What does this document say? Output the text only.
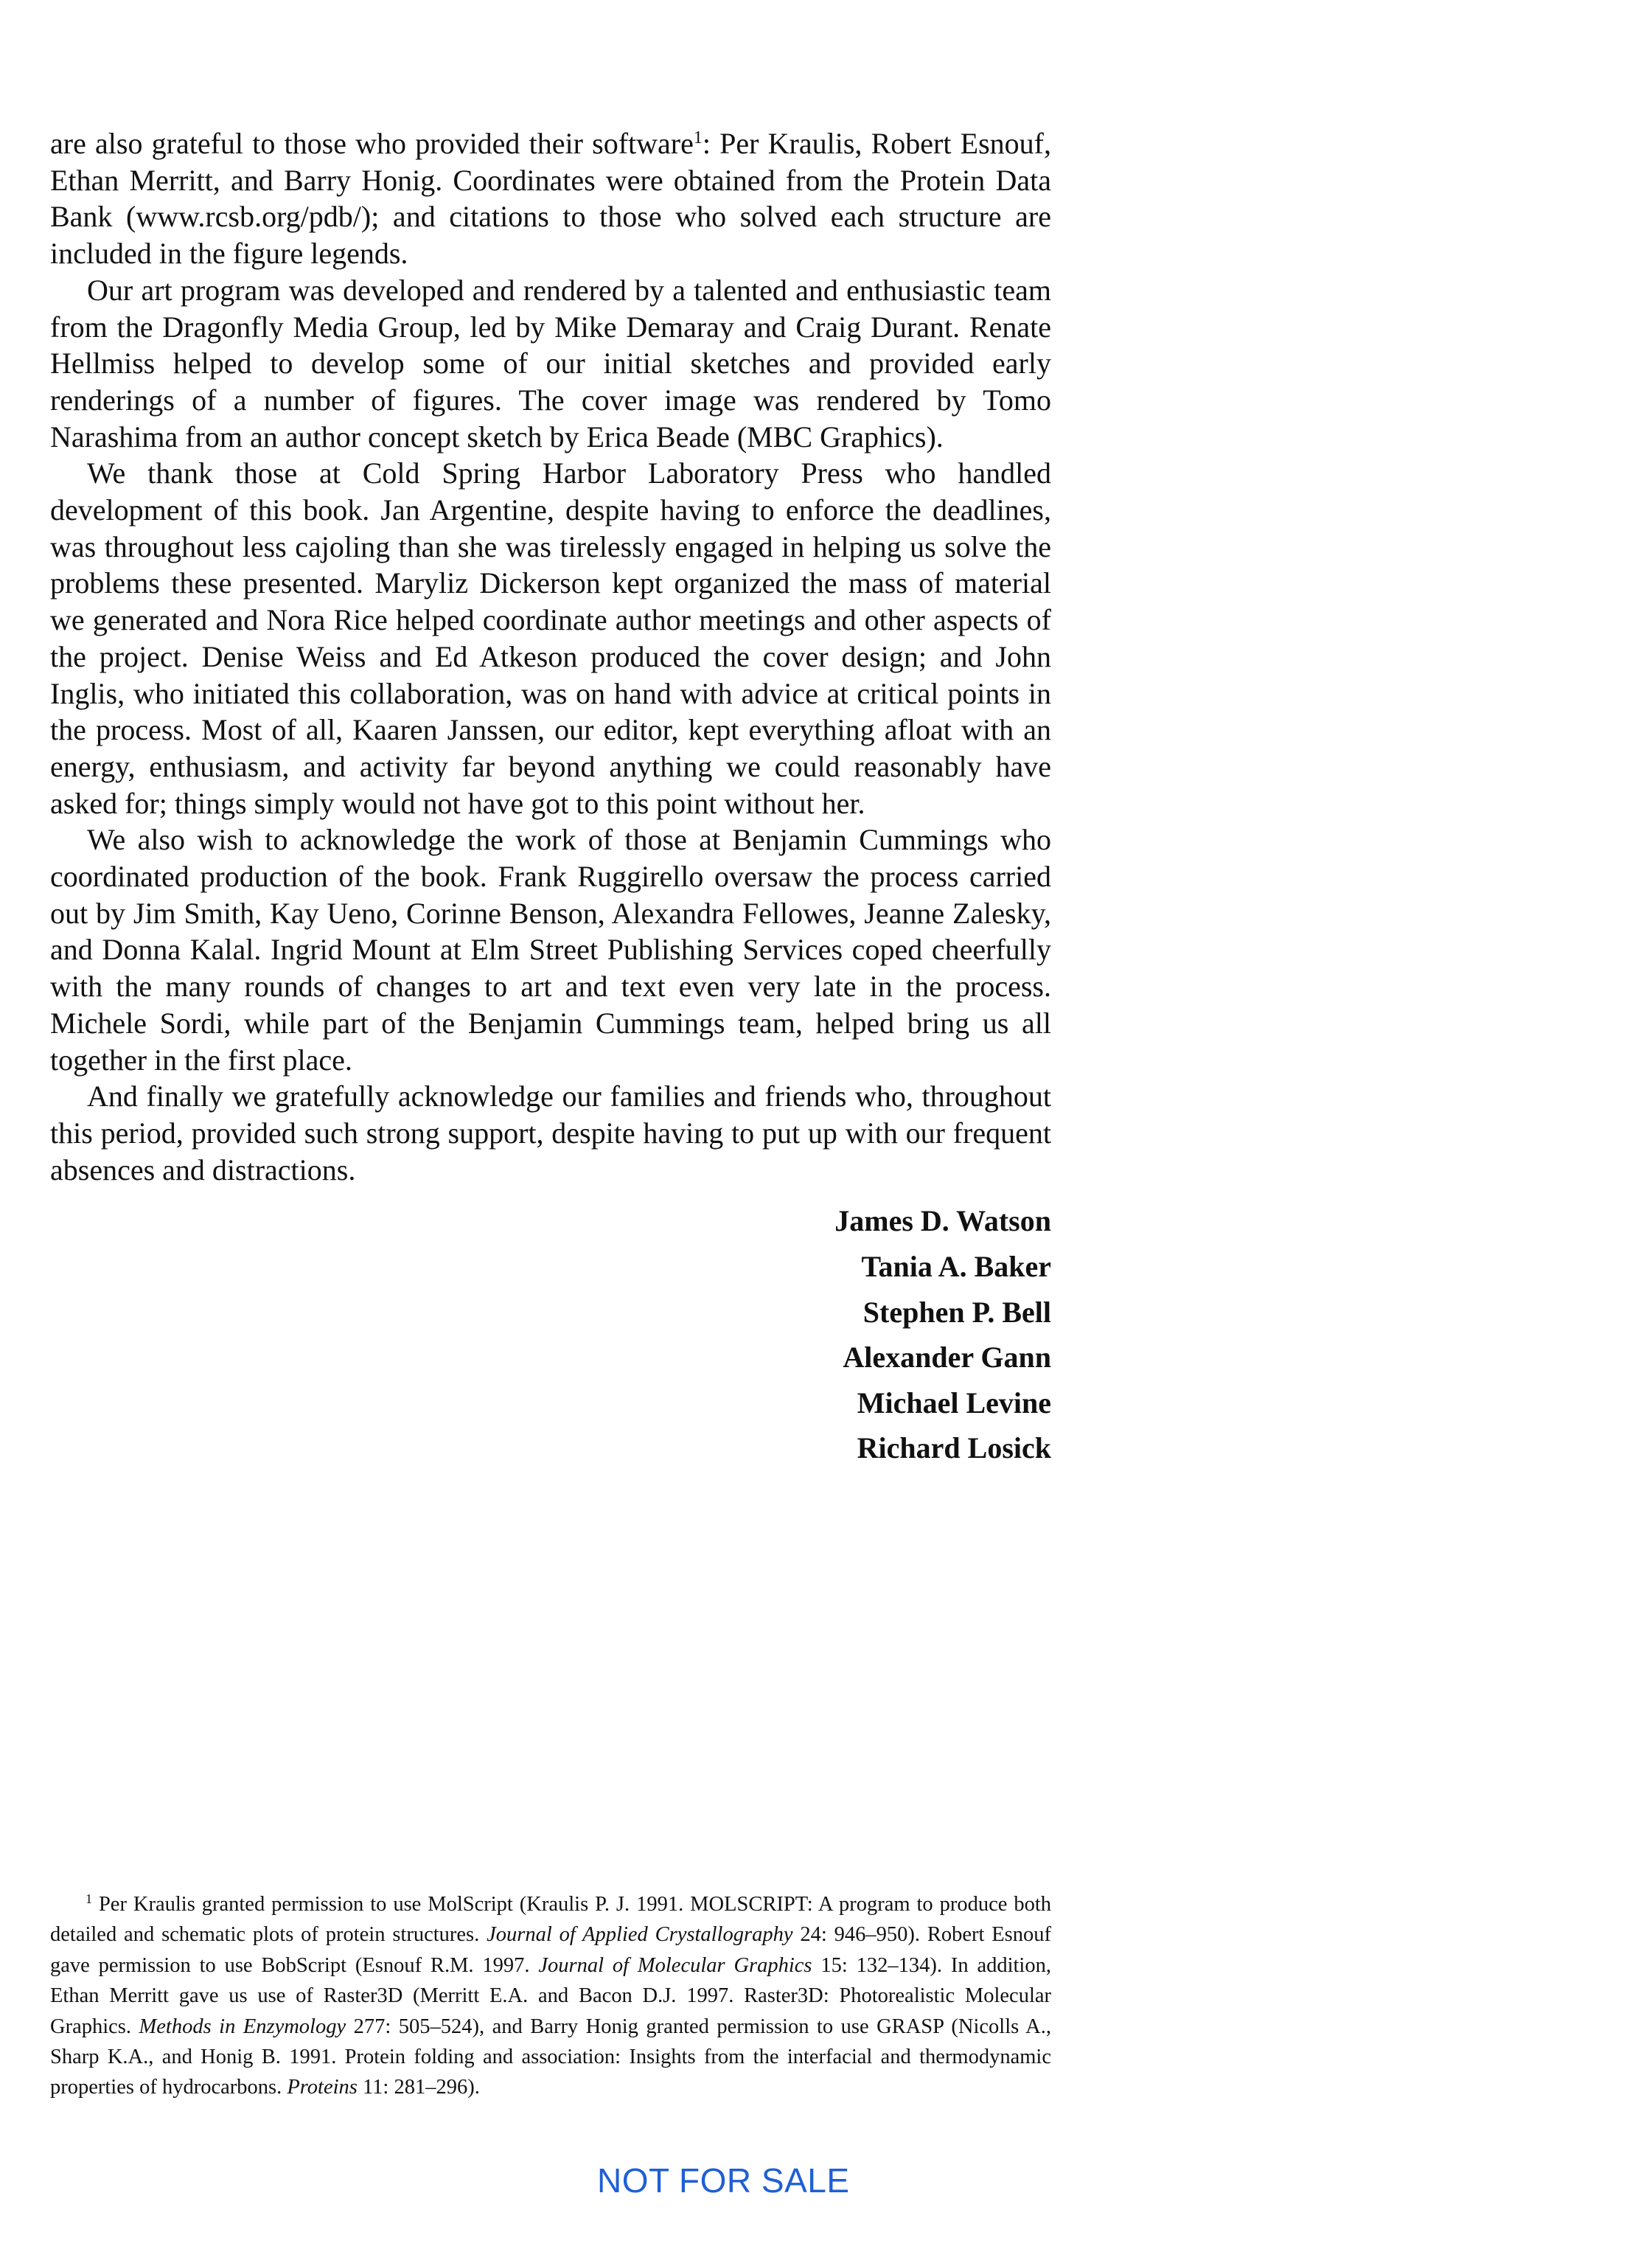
are also grateful to those who provided their software$^1$: Per Kraulis, Robert Esnouf, Ethan Merritt, and Barry Honig. Coordinates were obtained from the Protein Data Bank (www.rcsb.org/pdb/); and citations to those who solved each structure are included in the figure legends.

Our art program was developed and rendered by a talented and enthusiastic team from the Dragonfly Media Group, led by Mike Demaray and Craig Durant. Renate Hellmiss helped to develop some of our initial sketches and provided early renderings of a number of figures. The cover image was rendered by Tomo Narashima from an author concept sketch by Erica Beade (MBC Graphics).

We thank those at Cold Spring Harbor Laboratory Press who handled development of this book. Jan Argentine, despite having to enforce the deadlines, was throughout less cajoling than she was tirelessly engaged in helping us solve the problems these presented. Maryliz Dickerson kept organized the mass of material we generated and Nora Rice helped coordinate author meetings and other aspects of the project. Denise Weiss and Ed Atkeson produced the cover design; and John Inglis, who initiated this collaboration, was on hand with advice at critical points in the process. Most of all, Kaaren Janssen, our editor, kept everything afloat with an energy, enthusiasm, and activity far beyond anything we could reasonably have asked for; things simply would not have got to this point without her.

We also wish to acknowledge the work of those at Benjamin Cummings who coordinated production of the book. Frank Ruggirello oversaw the process carried out by Jim Smith, Kay Ueno, Corinne Benson, Alexandra Fellowes, Jeanne Zalesky, and Donna Kalal. Ingrid Mount at Elm Street Publishing Services coped cheerfully with the many rounds of changes to art and text even very late in the process. Michele Sordi, while part of the Benjamin Cummings team, helped bring us all together in the first place.

And finally we gratefully acknowledge our families and friends who, throughout this period, provided such strong support, despite having to put up with our frequent absences and distractions.

James D. Watson
Tania A. Baker
Stephen P. Bell
Alexander Gann
Michael Levine
Richard Losick

$^1$ Per Kraulis granted permission to use MolScript (Kraulis P. J. 1991. MOLSCRIPT: A program to produce both detailed and schematic plots of protein structures. Journal of Applied Crystallography 24: 946–950). Robert Esnouf gave permission to use BobScript (Esnouf R.M. 1997. Journal of Molecular Graphics 15: 132–134). In addition, Ethan Merritt gave us use of Raster3D (Merritt E.A. and Bacon D.J. 1997. Raster3D: Photorealistic Molecular Graphics. Methods in Enzymology 277: 505–524), and Barry Honig granted permission to use GRASP (Nicolls A., Sharp K.A., and Honig B. 1991. Protein folding and association: Insights from the interfacial and thermodynamic properties of hydrocarbons. Proteins 11: 281–296).

NOT FOR SALE
